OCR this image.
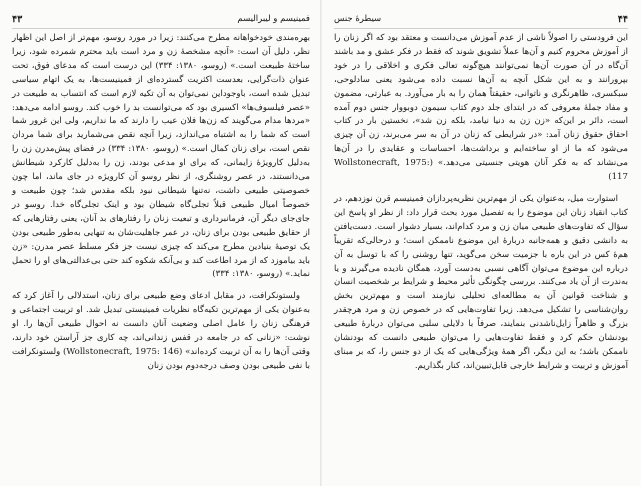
۴۴
سیطرهٔ جنس

این فرودستی را اصولاً ناشی از عدم آموزش می‌دانست و معتقد بود که اگر زنان را از آموزش محروم کنیم و آن‌ها عملاً تشویق شوند که فقط در فکر عشق و مد باشند آن‌گاه در آن صورت آن‌ها نمی‌توانند هیچ‌گونه تعالی فکری و اخلاقی را در خود بپرورانند و به این شکل آنچه به آن‌ها نسبت داده می‌شود یعنی سادلوحی، سبکسری، ظاهرنگری و ناتوانی، حقیقتاً همان را به بار می‌آورد. به عبارتی، مضمون و مفاد جملهٔ معروفی که در ابتدای جلد دوم کتاب سیمون دوبووار جنس دوم آمده است، دائر بر این‌که «زن زن به دنیا نیامد، بلکه زن شد»، نخستین بار در کتاب احقاق حقوق زنان آمد: «در شرایطی که زنان در آن به سر می‌برند، زن آن چیزی می‌شود که ما از او ساخته‌ایم و برداشت‌ها، احساسات و عقایدی را در آن‌ها می‌نشاند که به فکر آنان هویتی جنسیتی می‌دهد.» (Wollstonecraft, 1975: 117)

استوارت میل، به‌عنوان یکی از مهم‌ترین نظریه‌پردازان فمینیسم قرن نوزدهم، در کتاب انقیاد زنان این موضوع را به تفصیل مورد بحث قرار داد: از نظر او پاسخ این سؤال که تفاوت‌های طبیعی میان زن و مرد کدام‌اند، بسیار دشوار است. دست‌یافتن به دانشی دقیق و همه‌جانبه دربارهٔ این موضوع ناممکن است؛ و درحالی‌که تقریباً هم‌هٔ کس در این باره با جزمیت سخن می‌گوید، تنها روشنی را که با توسل به آن درباره این موضوع می‌توان آگاهی نسبی به‌دست آورد، همگان نادیده می‌گیرند و یا به‌ندرت از آن یاد می‌کنند. بررسی چگونگی تأثیر محیط و شرایط بر شخصیت انسان و شناخت قوانین آن به مطالعه‌ای تحلیلی نیازمند است و مهم‌ترین بخش روان‌شناسی را تشکیل می‌دهد. زیرا تفاوت‌هایی که در خصوص زن و مرد هرچقدر بزرگ و ظاهراً زایل‌ناشدنی بنمایند، صرفاً با دلایلی سلبی می‌توان دربارهٔ طبیعی بودنشان حکم کرد و فقط تفاوت‌هایی را می‌توان طبیعی دانست که بودنشان ناممکن باشد؛ به این دیگر، اگر همهٔ ویژگی‌هایی که یک از دو جنس را، که بر مبنای آموزش و تربیت و شرایط خارجی قابل‌تبیین‌اند، کنار بگذاریم.

فمینیسم و لیبرالیسم
۴۳

بهره‌مندی خودخواهانه مطرح می‌کنند: زیرا در مورد روسو، مهم‌تر از اصل این اظهار نظر، دلیل آن است: «آنچه مشخصهٔ زن و مرد است باید محترم شمرده شود، زیرا ساختهٔ طبیعت است.» (روسو، ۱۳۸۰: ۳۳۴) این درست است که مدعای فوق، تحت عنوان ذات‌گرایی، بعدست اکثریت گسترده‌ای از فمینیست‌ها، به یک اتهام سیاسی تبدیل شده است، باوجوداین نمی‌توان به آن تکیه لازم است که انتساب به طبیعت در «عصر فیلسوف‌ها» اکسیری بود که می‌توانست بد را خوب کند. روسو ادامه می‌دهد: «مردها مدام می‌گویند که زن‌ها فلان عیب را دارند که ما نداریم، ولی این غرور شما است که شما را به اشتباه می‌اندازد، زیرا آنچه نقص می‌شمارید برای شما مردان نقص است، برای زنان کمال است.» (روسو، ۱۳۸۰: ۳۳۴) در فضای پیش‌مدرن زن را به‌دلیل کارویژهٔ زایمانی، که برای او مدعی بودند، زن را به‌دلیل کارکرد شیطانش می‌دانستند، در عصر روشنگری، از نظر روسو آن کارویژه در جای ماند، اما چون خصوصیتی طبیعی داشت، نه‌تنها شیطانی نبود بلکه مقدس شد؛ چون طبیعت و خصوصاً امیال طبیعی قبلاً تجلی‌گاه شیطان بود و اینک تجلی‌گاه خدا. روسو در جای‌جای دیگر آن، فرمانبرداری و تبعیت زنان را رفتارهای بد آنان، یعنی رفتارهایی که از حقایق طبیعی بودن برای زنان، در عمر جاهلیت‌شان به تنهایی به‌طور طبیعی بودن یک توصیهٔ بنیادین مطرح می‌کند که چیزی نیست جز فکر مسلط عصر مدرن: «زن باید بیاموزد که از مرد اطاعت کند و بی‌آنکه شکوه کند حتی بی‌عدالتی‌های او را تحمل نماید.» (روسو، ۱۳۸۰: ۳۳۴)

ولستونکرافت، در مقابل ادعای وضع طبیعی برای زنان، استدلالی را آغاز کرد که به‌عنوان یکی از مهم‌ترین تکیه‌گاه نظریات فمینیستی تبدیل شد. او تربیت اجتماعی و فرهنگی زنان را عامل اصلی وضعیت آنان دانست نه احوال طبیعی آن‌ها را. او نوشت: «زنانی که در جامعه در قفس زندانی‌اند، چه کاری جز آراستن خود دارند، وقتی آن‌ها را به آن تربیت کرده‌اند» (Wollstonecraft, 1975: 146) ولستونکرافت با نفی طبیعی بودن وصف درجه‌دوم بودن زنان
